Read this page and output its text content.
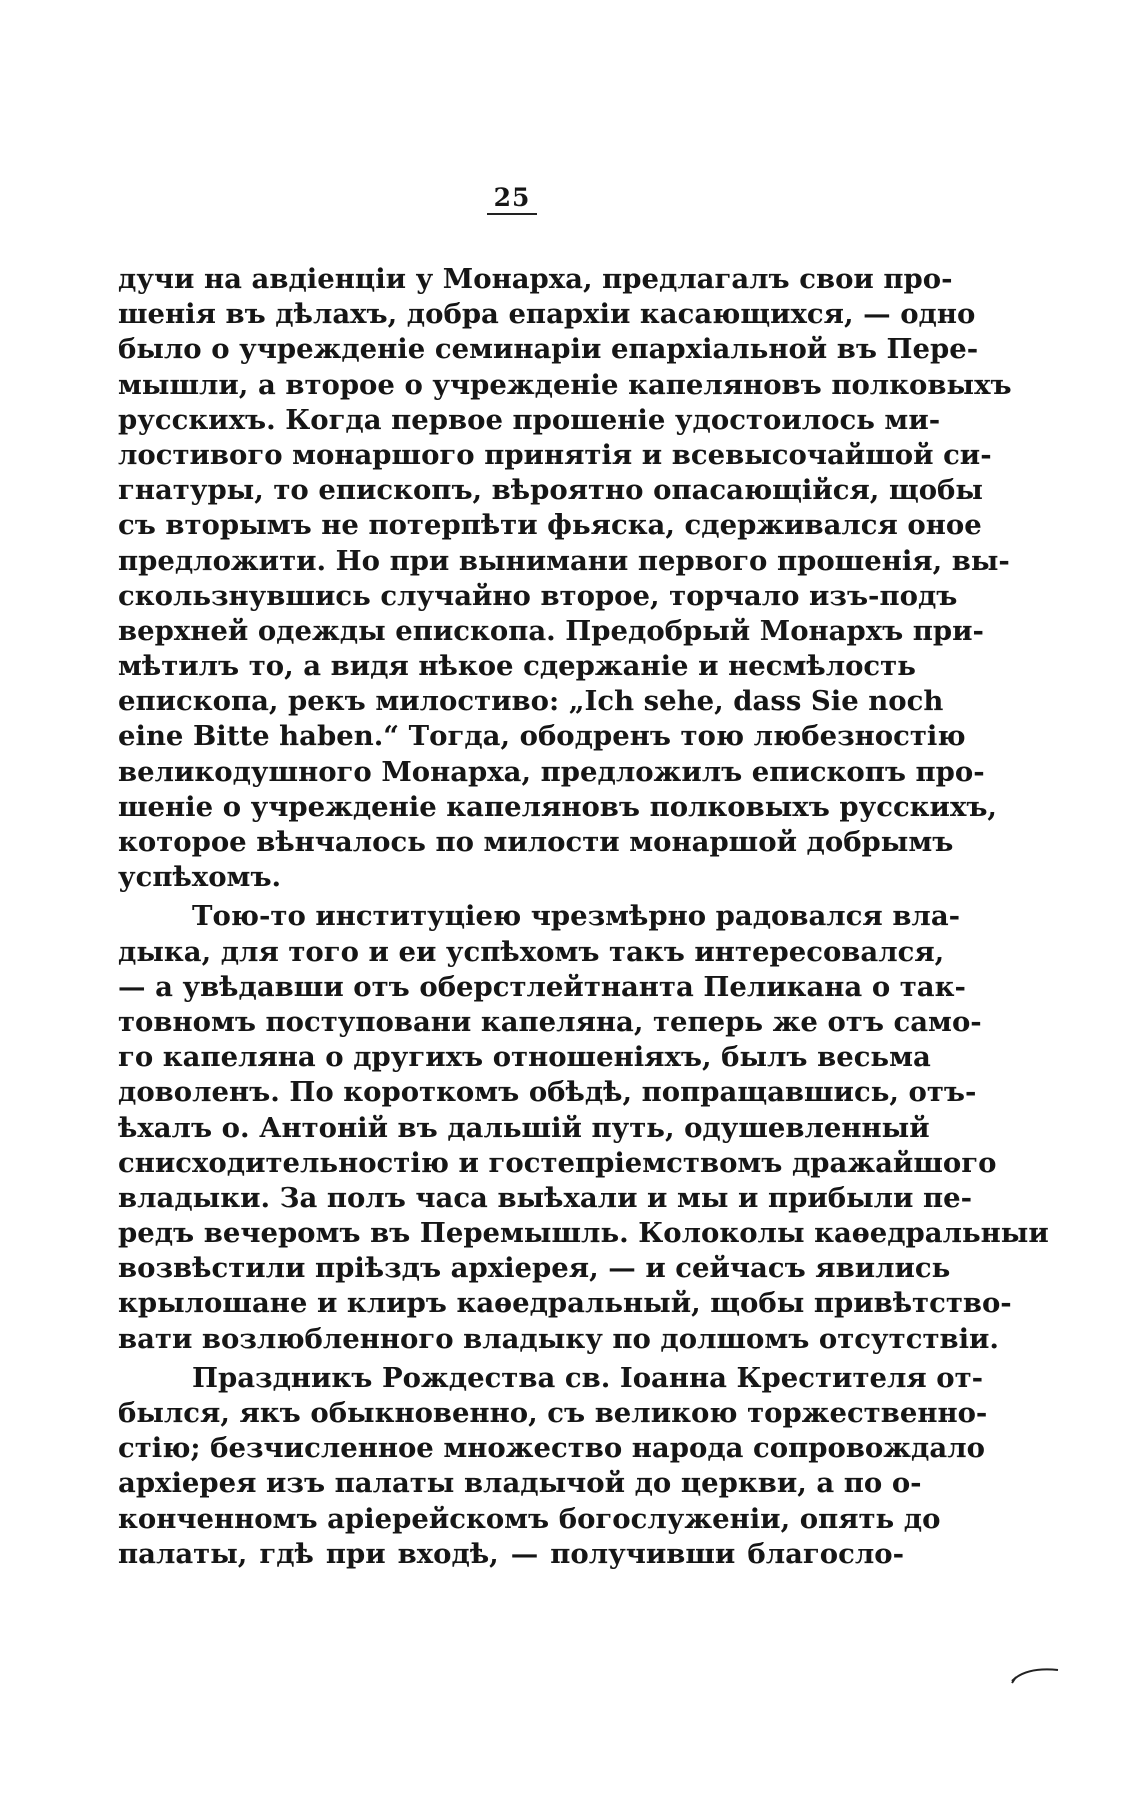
25
дучи на авдіенціи у Монарха, предлагалъ свои про-
шенія въ дѣлахъ, добра епархіи касающихся, — одно
было о учрежденіе семинаріи епархіальной въ Пере-
мышли, а второе о учрежденіе капеляновъ полковыхъ
русскихъ. Когда первое прошеніе удостоилось ми-
лостивого монаршого принятія и всевысочайшой си-
гнатуры, то епископъ, вѣроятно опасающійся, щобы
съ вторымъ не потерпѣти фьяска, сдерживался оное
предложити. Но при вынимани первого прошенія, вы-
скользнувшись случайно второе, торчало изъ-подъ
верхней одежды епископа. Предобрый Монархъ при-
мѣтилъ то, а видя нѣкое сдержаніе и несмѣлость
епископа, рекъ милостиво: „Ich sehe, dass Sie noch
eine Bitte haben.“ Тогда, ободренъ тою любезностію
великодушного Монарха, предложилъ епископъ про-
шеніе о учрежденіе капеляновъ полковыхъ русскихъ,
которое вѣнчалось по милости монаршой добрымъ
успѣхомъ.
Тою-то институціею чрезмѣрно радовался вла-
дыка, для того и еи успѣхомъ такъ интересовался,
— а увѣдавши отъ оберстлейтнанта Пеликана о так-
товномъ поступовани капеляна, теперь же отъ само-
го капеляна о другихъ отношеніяхъ, былъ весьма
доволенъ. По короткомъ обѣдѣ, попращавшись, отъ-
ѣхалъ о. Антоній въ дальшій путь, одушевленный
снисходительностію и гостепріемствомъ дражайшого
владыки. За полъ часа выѣхали и мы и прибыли пе-
редъ вечеромъ въ Перемышль. Колоколы каѳедральныи
возвѣстили пріѣздъ архіерея, — и сейчасъ явились
крылошане и клиръ каѳедральный, щобы привѣтство-
вати возлюбленного владыку по долшомъ отсутствіи.
Праздникъ Рождества св. Іоанна Крестителя от-
былся, якъ обыкновенно, съ великою торжественно-
стію; безчисленное множество народа сопровождало
архіерея изъ палаты владычой до церкви, а по о-
конченномъ аріерейскомъ богослуженіи, опять до
палаты, гдѣ при входѣ, — получивши благосло-
